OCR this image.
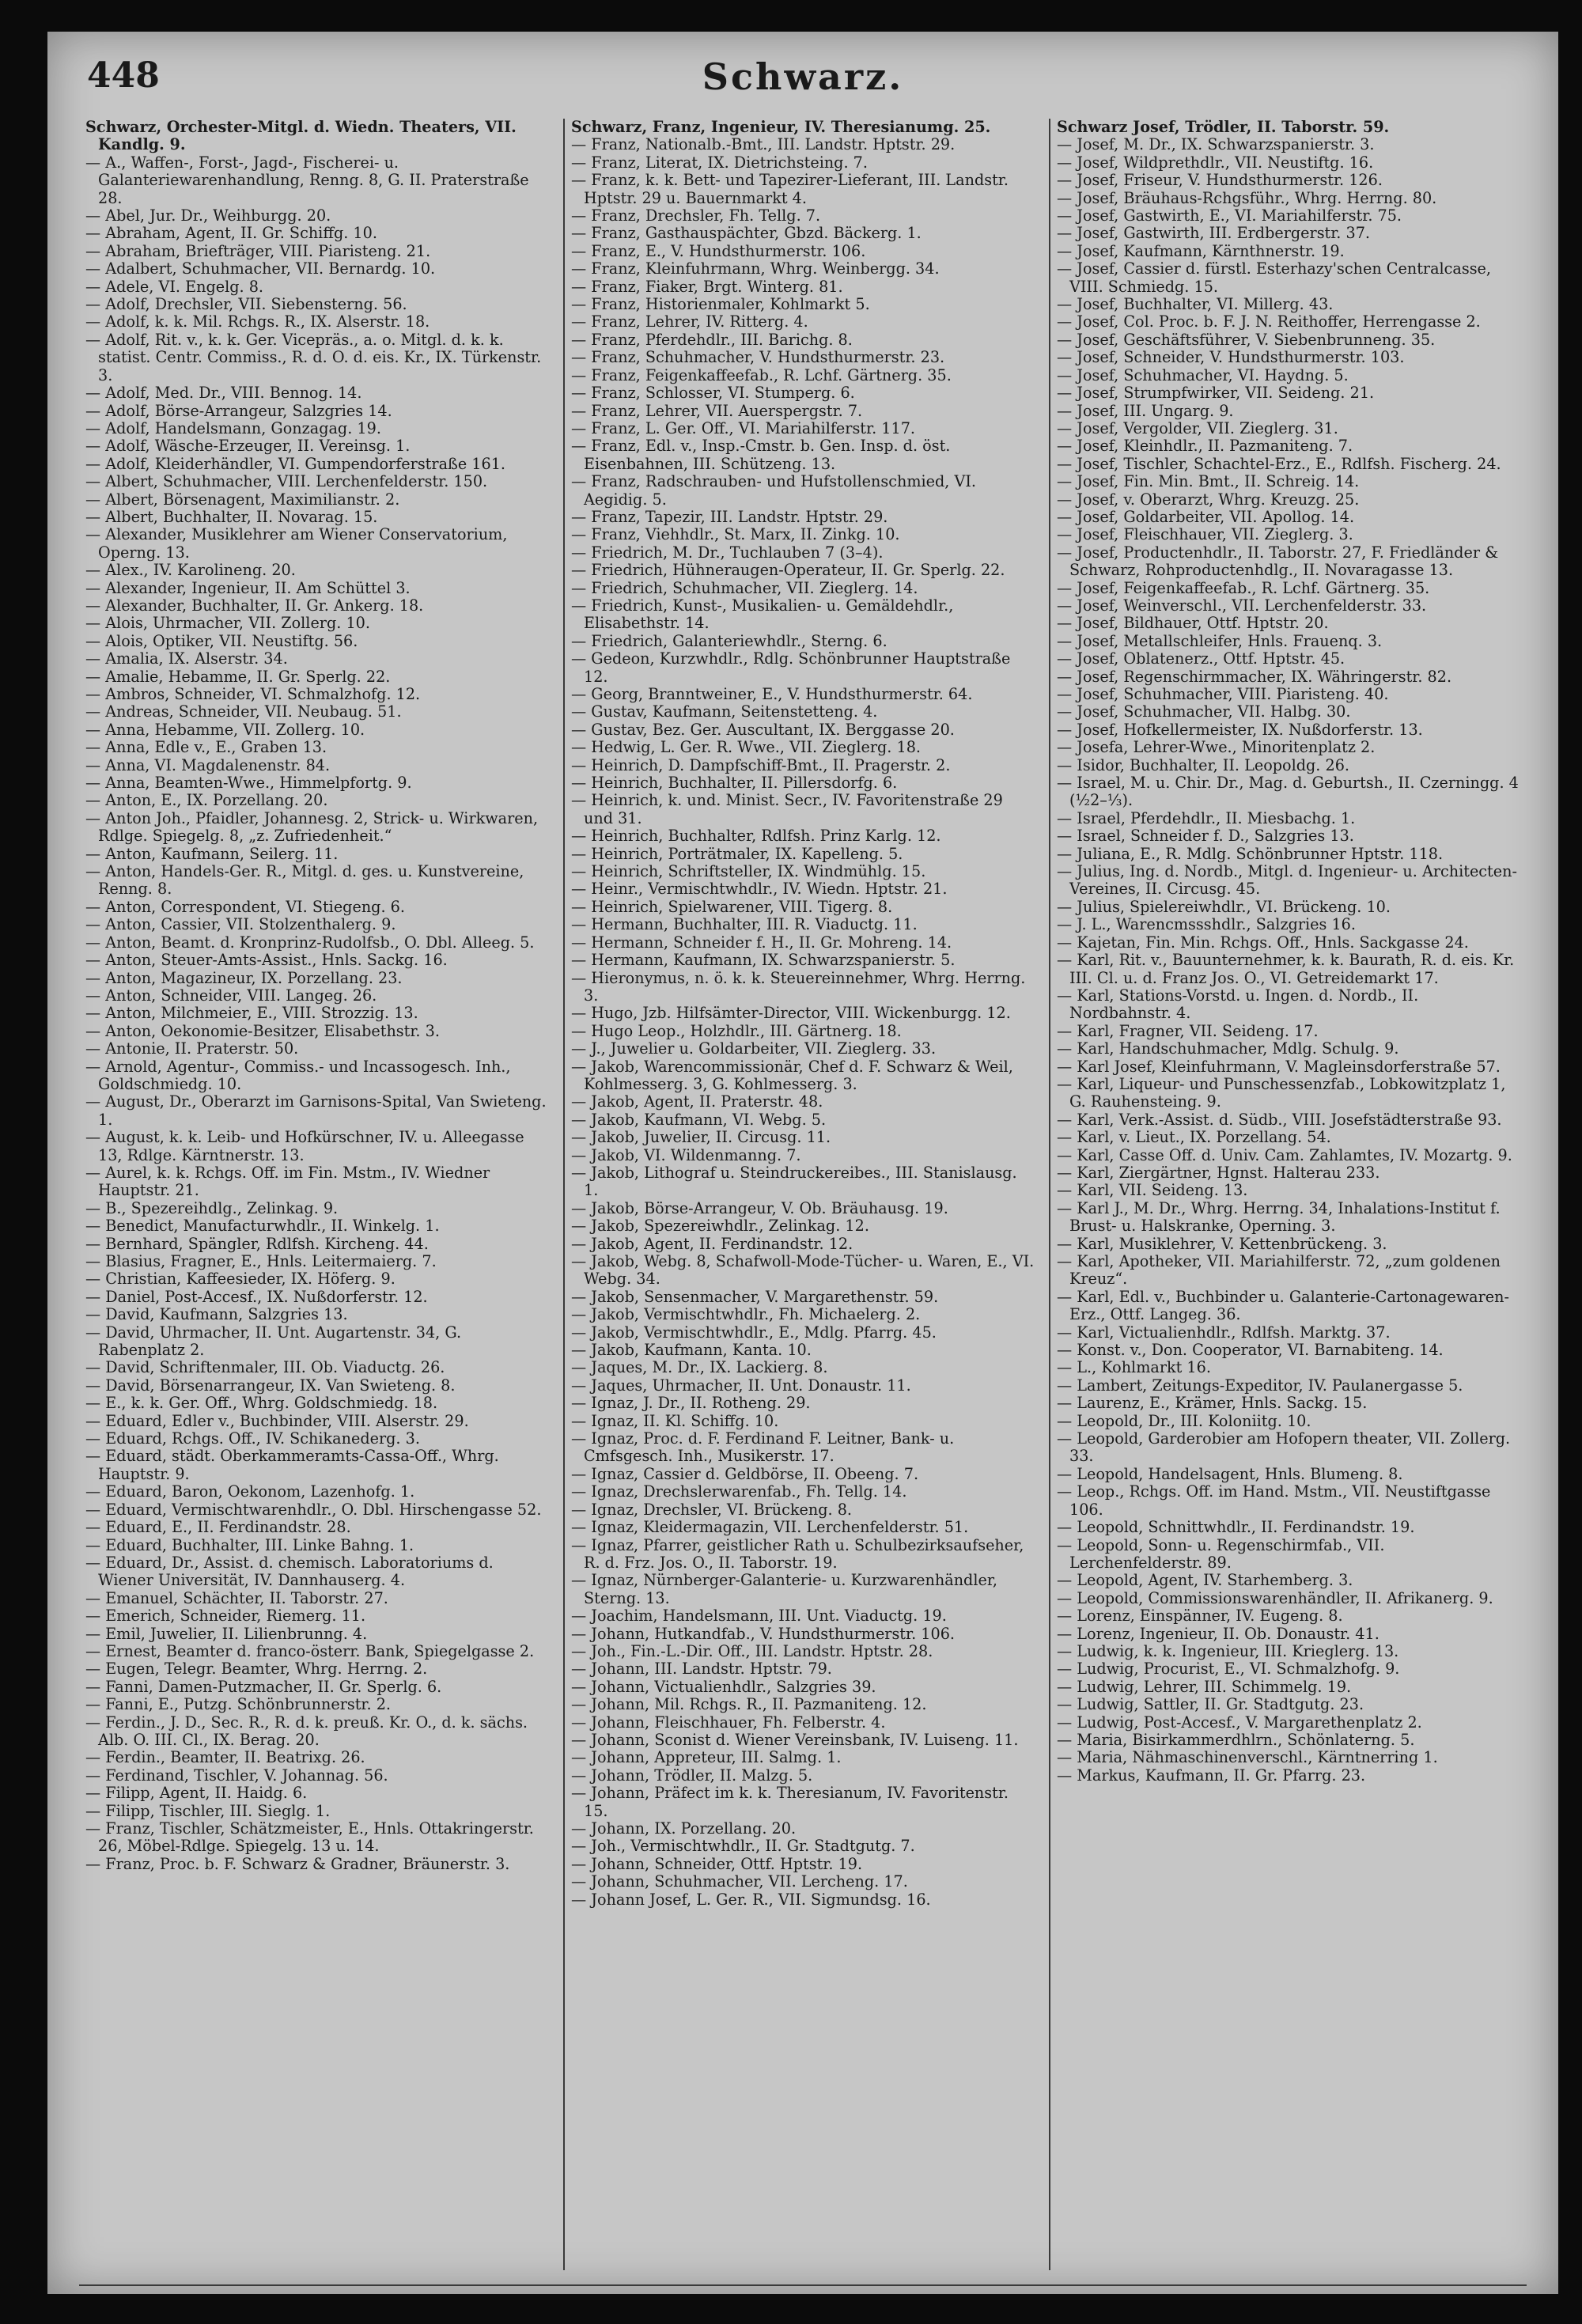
448	Schwarz.

Schwarz, Orchester-Mitgl. d. Wiedn. Theaters, VII. Kandlg. 9.

— A., Waffen-, Forst-, Jagd-, Fischerei- u. Galanteriewarenhandlung, Renng. 8, G. II. Praterstraße 28.

— Abel, Jur. Dr., Weihburgg. 20.

— Abraham, Agent, II. Gr. Schiffg. 10.

— Abraham, Briefträger, VIII. Piaristeng. 21.

— Adalbert, Schuhmacher, VII. Bernardg. 10.

— Adele, VI. Engelg. 8.

— Adolf, Drechsler, VII. Siebensterng. 56.

— Adolf, k. k. Mil. Rchgs. R., IX. Alserstr. 18.

— Adolf, Rit. v., k. k. Ger. Vicepräs., a. o. Mitgl. d. k. k. statist. Centr. Commiss., R. d. O. d. eis. Kr., IX. Türkenstr. 3.

— Adolf, Med. Dr., VIII. Bennog. 14.

— Adolf, Börse-Arrangeur, Salzgries 14.

— Adolf, Handelsmann, Gonzagag. 19.

— Adolf, Wäsche-Erzeuger, II. Vereinsg. 1.

— Adolf, Kleiderhändler, VI. Gumpendorferstraße 161.

— Albert, Schuhmacher, VIII. Lerchenfelderstr. 150.

— Albert, Börsenagent, Maximilianstr. 2.

— Albert, Buchhalter, II. Novarag. 15.

— Alexander, Musiklehrer am Wiener Conservatorium, Operng. 13.

— Alex., IV. Karolineng. 20.

— Alexander, Ingenieur, II. Am Schüttel 3.

— Alexander, Buchhalter, II. Gr. Ankerg. 18.

— Alois, Uhrmacher, VII. Zollerg. 10.

— Alois, Optiker, VII. Neustiftg. 56.

— Amalia, IX. Alserstr. 34.

— Amalie, Hebamme, II. Gr. Sperlg. 22.

— Ambros, Schneider, VI. Schmalzhofg. 12.

— Andreas, Schneider, VII. Neubaug. 51.

— Anna, Hebamme, VII. Zollerg. 10.

— Anna, Edle v., E., Graben 13.

— Anna, VI. Magdalenenstr. 84.

— Anna, Beamten-Wwe., Himmelpfortg. 9.

— Anton, E., IX. Porzellang. 20.

— Anton Joh., Pfaidler, Johannesg. 2, Strick- u. Wirkwaren, Rdlge. Spiegelg. 8, „z. Zufriedenheit.“

— Anton, Kaufmann, Seilerg. 11.

— Anton, Handels-Ger. R., Mitgl. d. ges. u. Kunstvereine, Renng. 8.

— Anton, Correspondent, VI. Stiegeng. 6.

— Anton, Cassier, VII. Stolzenthalerg. 9.

— Anton, Beamt. d. Kronprinz-Rudolfsb., O. Dbl. Alleeg. 5.

— Anton, Steuer-Amts-Assist., Hnls. Sackg. 16.

— Anton, Magazineur, IX. Porzellang. 23.

— Anton, Schneider, VIII. Langeg. 26.

— Anton, Milchmeier, E., VIII. Strozzig. 13.

— Anton, Oekonomie-Besitzer, Elisabethstr. 3.

— Antonie, II. Praterstr. 50.

— Arnold, Agentur-, Commiss.- und Incassogesch. Inh., Goldschmiedg. 10.

— August, Dr., Oberarzt im Garnisons-Spital, Van Swieteng. 1.

— August, k. k. Leib- und Hofkürschner, IV. u. Alleegasse 13, Rdlge. Kärntnerstr. 13.

— Aurel, k. k. Rchgs. Off. im Fin. Mstm., IV. Wiedner Hauptstr. 21.

— B., Spezereihdlg., Zelinkag. 9.

— Benedict, Manufacturwhdlr., II. Winkelg. 1.

— Bernhard, Spängler, Rdlfsh. Kircheng. 44.

— Blasius, Fragner, E., Hnls. Leitermaierg. 7.

— Christian, Kaffeesieder, IX. Höferg. 9.

— Daniel, Post-Accesf., IX. Nußdorferstr. 12.

— David, Kaufmann, Salzgries 13.

— David, Uhrmacher, II. Unt. Augartenstr. 34, G. Rabenplatz 2.

— David, Schriftenmaler, III. Ob. Viaductg. 26.

— David, Börsenarrangeur, IX. Van Swieteng. 8.

— E., k. k. Ger. Off., Whrg. Goldschmiedg. 18.

— Eduard, Edler v., Buchbinder, VIII. Alserstr. 29.

— Eduard, Rchgs. Off., IV. Schikanederg. 3.

— Eduard, städt. Oberkammeramts-Cassa-Off., Whrg. Hauptstr. 9.

— Eduard, Baron, Oekonom, Lazenhofg. 1.

— Eduard, Vermischtwarenhdlr., O. Dbl. Hirschengasse 52.

— Eduard, E., II. Ferdinandstr. 28.

— Eduard, Buchhalter, III. Linke Bahng. 1.

— Eduard, Dr., Assist. d. chemisch. Laboratoriums d. Wiener Universität, IV. Dannhauserg. 4.

— Emanuel, Schächter, II. Taborstr. 27.

— Emerich, Schneider, Riemerg. 11.

— Emil, Juwelier, II. Lilienbrunng. 4.

— Ernest, Beamter d. franco-österr. Bank, Spiegelgasse 2.

— Eugen, Telegr. Beamter, Whrg. Herrng. 2.

— Fanni, Damen-Putzmacher, II. Gr. Sperlg. 6.

— Fanni, E., Putzg. Schönbrunnerstr. 2.

— Ferdin., J. D., Sec. R., R. d. k. preuß. Kr. O., d. k. sächs. Alb. O. III. Cl., IX. Berag. 20.

— Ferdin., Beamter, II. Beatrixg. 26.

— Ferdinand, Tischler, V. Johannag. 56.

— Filipp, Agent, II. Haidg. 6.

— Filipp, Tischler, III. Sieglg. 1.

— Franz, Tischler, Schätzmeister, E., Hnls. Ottakringerstr. 26, Möbel-Rdlge. Spiegelg. 13 u. 14.

— Franz, Proc. b. F. Schwarz & Gradner, Bräunerstr. 3.

Schwarz, Franz, Ingenieur, IV. Theresianumg. 25.

— Franz, Nationalb.-Bmt., III. Landstr. Hptstr. 29.

— Franz, Literat, IX. Dietrichsteing. 7.

— Franz, k. k. Bett- und Tapezirer-Lieferant, III. Landstr. Hptstr. 29 u. Bauernmarkt 4.

— Franz, Drechsler, Fh. Tellg. 7.

— Franz, Gasthauspächter, Gbzd. Bäckerg. 1.

— Franz, E., V. Hundsthurmerstr. 106.

— Franz, Kleinfuhrmann, Whrg. Weinbergg. 34.

— Franz, Fiaker, Brgt. Winterg. 81.

— Franz, Historienmaler, Kohlmarkt 5.

— Franz, Lehrer, IV. Ritterg. 4.

— Franz, Pferdehdlr., III. Barichg. 8.

— Franz, Schuhmacher, V. Hundsthurmerstr. 23.

— Franz, Feigenkaffeefab., R. Lchf. Gärtnerg. 35.

— Franz, Schlosser, VI. Stumperg. 6.

— Franz, Lehrer, VII. Auerspergstr. 7.

— Franz, L. Ger. Off., VI. Mariahilferstr. 117.

— Franz, Edl. v., Insp.-Cmstr. b. Gen. Insp. d. öst. Eisenbahnen, III. Schützeng. 13.

— Franz, Radschrauben- und Hufstollenschmied, VI. Aegidig. 5.

— Franz, Tapezir, III. Landstr. Hptstr. 29.

— Franz, Viehhdlr., St. Marx, II. Zinkg. 10.

— Friedrich, M. Dr., Tuchlauben 7 (3–4).

— Friedrich, Hühneraugen-Operateur, II. Gr. Sperlg. 22.

— Friedrich, Schuhmacher, VII. Zieglerg. 14.

— Friedrich, Kunst-, Musikalien- u. Gemäldehdlr., Elisabethstr. 14.

— Friedrich, Galanteriewhdlr., Sterng. 6.

— Gedeon, Kurzwhdlr., Rdlg. Schönbrunner Hauptstraße 12.

— Georg, Branntweiner, E., V. Hundsthurmerstr. 64.

— Gustav, Kaufmann, Seitenstetteng. 4.

— Gustav, Bez. Ger. Auscultant, IX. Berggasse 20.

— Hedwig, L. Ger. R. Wwe., VII. Zieglerg. 18.

— Heinrich, D. Dampfschiff-Bmt., II. Pragerstr. 2.

— Heinrich, Buchhalter, II. Pillersdorfg. 6.

— Heinrich, k. und. Minist. Secr., IV. Favoritenstraße 29 und 31.

— Heinrich, Buchhalter, Rdlfsh. Prinz Karlg. 12.

— Heinrich, Porträtmaler, IX. Kapelleng. 5.

— Heinrich, Schriftsteller, IX. Windmühlg. 15.

— Heinr., Vermischtwhdlr., IV. Wiedn. Hptstr. 21.

— Heinrich, Spielwarener, VIII. Tigerg. 8.

— Hermann, Buchhalter, III. R. Viaductg. 11.

— Hermann, Schneider f. H., II. Gr. Mohreng. 14.

— Hermann, Kaufmann, IX. Schwarzspanierstr. 5.

— Hieronymus, n. ö. k. k. Steuereinnehmer, Whrg. Herrng. 3.

— Hugo, Jzb. Hilfsämter-Director, VIII. Wickenburgg. 12.

— Hugo Leop., Holzhdlr., III. Gärtnerg. 18.

— J., Juwelier u. Goldarbeiter, VII. Zieglerg. 33.

— Jakob, Warencommissionär, Chef d. F. Schwarz & Weil, Kohlmesserg. 3, G. Kohlmesserg. 3.

— Jakob, Agent, II. Praterstr. 48.

— Jakob, Kaufmann, VI. Webg. 5.

— Jakob, Juwelier, II. Circusg. 11.

— Jakob, VI. Wildenmanng. 7.

— Jakob, Lithograf u. Steindruckereibes., III. Stanislausg. 1.

— Jakob, Börse-Arrangeur, V. Ob. Bräuhausg. 19.

— Jakob, Spezereiwhdlr., Zelinkag. 12.

— Jakob, Agent, II. Ferdinandstr. 12.

— Jakob, Webg. 8, Schafwoll-Mode-Tücher- u. Waren, E., VI. Webg. 34.

— Jakob, Sensenmacher, V. Margarethenstr. 59.

— Jakob, Vermischtwhdlr., Fh. Michaelerg. 2.

— Jakob, Vermischtwhdlr., E., Mdlg. Pfarrg. 45.

— Jakob, Kaufmann, Kanta. 10.

— Jaques, M. Dr., IX. Lackierg. 8.

— Jaques, Uhrmacher, II. Unt. Donaustr. 11.

— Ignaz, J. Dr., II. Rotheng. 29.

— Ignaz, II. Kl. Schiffg. 10.

— Ignaz, Proc. d. F. Ferdinand F. Leitner, Bank- u. Cmfsgesch. Inh., Musikerstr. 17.

— Ignaz, Cassier d. Geldbörse, II. Obeeng. 7.

— Ignaz, Drechslerwarenfab., Fh. Tellg. 14.

— Ignaz, Drechsler, VI. Brückeng. 8.

— Ignaz, Kleidermagazin, VII. Lerchenfelderstr. 51.

— Ignaz, Pfarrer, geistlicher Rath u. Schulbezirksaufseher, R. d. Frz. Jos. O., II. Taborstr. 19.

— Ignaz, Nürnberger-Galanterie- u. Kurzwarenhändler, Sterng. 13.

— Joachim, Handelsmann, III. Unt. Viaductg. 19.

— Johann, Hutkandfab., V. Hundsthurmerstr. 106.

— Joh., Fin.-L.-Dir. Off., III. Landstr. Hptstr. 28.

— Johann, III. Landstr. Hptstr. 79.

— Johann, Victualienhdlr., Salzgries 39.

— Johann, Mil. Rchgs. R., II. Pazmaniteng. 12.

— Johann, Fleischhauer, Fh. Felberstr. 4.

— Johann, Sconist d. Wiener Vereinsbank, IV. Luiseng. 11.

— Johann, Appreteur, III. Salmg. 1.

— Johann, Trödler, II. Malzg. 5.

— Johann, Präfect im k. k. Theresianum, IV. Favoritenstr. 15.

— Johann, IX. Porzellang. 20.

— Joh., Vermischtwhdlr., II. Gr. Stadtgutg. 7.

— Johann, Schneider, Ottf. Hptstr. 19.

— Johann, Schuhmacher, VII. Lercheng. 17.

— Johann Josef, L. Ger. R., VII. Sigmundsg. 16.

Schwarz Josef, Trödler, II. Taborstr. 59.

— Josef, M. Dr., IX. Schwarzspanierstr. 3.

— Josef, Wildprethdlr., VII. Neustiftg. 16.

— Josef, Friseur, V. Hundsthurmerstr. 126.

— Josef, Bräuhaus-Rchgsführ., Whrg. Herrng. 80.

— Josef, Gastwirth, E., VI. Mariahilferstr. 75.

— Josef, Gastwirth, III. Erdbergerstr. 37.

— Josef, Kaufmann, Kärnthnerstr. 19.

— Josef, Cassier d. fürstl. Esterhazy'schen Centralcasse, VIII. Schmiedg. 15.

— Josef, Buchhalter, VI. Millerg. 43.

— Josef, Col. Proc. b. F. J. N. Reithoffer, Herrengasse 2.

— Josef, Geschäftsführer, V. Siebenbrunneng. 35.

— Josef, Schneider, V. Hundsthurmerstr. 103.

— Josef, Schuhmacher, VI. Haydng. 5.

— Josef, Strumpfwirker, VII. Seideng. 21.

— Josef, III. Ungarg. 9.

— Josef, Vergolder, VII. Zieglerg. 31.

— Josef, Kleinhdlr., II. Pazmaniteng. 7.

— Josef, Tischler, Schachtel-Erz., E., Rdlfsh. Fischerg. 24.

— Josef, Fin. Min. Bmt., II. Schreig. 14.

— Josef, v. Oberarzt, Whrg. Kreuzg. 25.

— Josef, Goldarbeiter, VII. Apollog. 14.

— Josef, Fleischhauer, VII. Zieglerg. 3.

— Josef, Productenhdlr., II. Taborstr. 27, F. Friedländer & Schwarz, Rohproductenhdlg., II. Novaragasse 13.

— Josef, Feigenkaffeefab., R. Lchf. Gärtnerg. 35.

— Josef, Weinverschl., VII. Lerchenfelderstr. 33.

— Josef, Bildhauer, Ottf. Hptstr. 20.

— Josef, Metallschleifer, Hnls. Frauenq. 3.

— Josef, Oblatenerz., Ottf. Hptstr. 45.

— Josef, Regenschirmmacher, IX. Währingerstr. 82.

— Josef, Schuhmacher, VIII. Piaristeng. 40.

— Josef, Schuhmacher, VII. Halbg. 30.

— Josef, Hofkellermeister, IX. Nußdorferstr. 13.

— Josefa, Lehrer-Wwe., Minoritenplatz 2.

— Isidor, Buchhalter, II. Leopoldg. 26.

— Israel, M. u. Chir. Dr., Mag. d. Geburtsh., II. Czerningg. 4 (½2–⅓).

— Israel, Pferdehdlr., II. Miesbachg. 1.

— Israel, Schneider f. D., Salzgries 13.

— Juliana, E., R. Mdlg. Schönbrunner Hptstr. 118.

— Julius, Ing. d. Nordb., Mitgl. d. Ingenieur- u. Architecten-Vereines, II. Circusg. 45.

— Julius, Spielereiwhdlr., VI. Brückeng. 10.

— J. L., Warencmssshdlr., Salzgries 16.

— Kajetan, Fin. Min. Rchgs. Off., Hnls. Sackgasse 24.

— Karl, Rit. v., Bauunternehmer, k. k. Baurath, R. d. eis. Kr. III. Cl. u. d. Franz Jos. O., VI. Getreidemarkt 17.

— Karl, Stations-Vorstd. u. Ingen. d. Nordb., II. Nordbahnstr. 4.

— Karl, Fragner, VII. Seideng. 17.

— Karl, Handschuhmacher, Mdlg. Schulg. 9.

— Karl Josef, Kleinfuhrmann, V. Magleinsdorferstraße 57.

— Karl, Liqueur- und Punschessenzfab., Lobkowitzplatz 1, G. Rauhensteing. 9.

— Karl, Verk.-Assist. d. Südb., VIII. Josefstädterstraße 93.

— Karl, v. Lieut., IX. Porzellang. 54.

— Karl, Casse Off. d. Univ. Cam. Zahlamtes, IV. Mozartg. 9.

— Karl, Ziergärtner, Hgnst. Halterau 233.

— Karl, VII. Seideng. 13.

— Karl J., M. Dr., Whrg. Herrng. 34, Inhalations-Institut f. Brust- u. Halskranke, Operning. 3.

— Karl, Musiklehrer, V. Kettenbrückeng. 3.

— Karl, Apotheker, VII. Mariahilferstr. 72, „zum goldenen Kreuz“.

— Karl, Edl. v., Buchbinder u. Galanterie-Cartonagewaren-Erz., Ottf. Langeg. 36.

— Karl, Victualienhdlr., Rdlfsh. Marktg. 37.

— Konst. v., Don. Cooperator, VI. Barnabiteng. 14.

— L., Kohlmarkt 16.

— Lambert, Zeitungs-Expeditor, IV. Paulanergasse 5.

— Laurenz, E., Krämer, Hnls. Sackg. 15.

— Leopold, Dr., III. Koloniitg. 10.

— Leopold, Garderobier am Hofopern theater, VII. Zollerg. 33.

— Leopold, Handelsagent, Hnls. Blumeng. 8.

— Leop., Rchgs. Off. im Hand. Mstm., VII. Neustiftgasse 106.

— Leopold, Schnittwhdlr., II. Ferdinandstr. 19.

— Leopold, Sonn- u. Regenschirmfab., VII. Lerchenfelderstr. 89.

— Leopold, Agent, IV. Starhemberg. 3.

— Leopold, Commissionswarenhändler, II. Afrikanerg. 9.

— Lorenz, Einspänner, IV. Eugeng. 8.

— Lorenz, Ingenieur, II. Ob. Donaustr. 41.

— Ludwig, k. k. Ingenieur, III. Krieglerg. 13.

— Ludwig, Procurist, E., VI. Schmalzhofg. 9.

— Ludwig, Lehrer, III. Schimmelg. 19.

— Ludwig, Sattler, II. Gr. Stadtgutg. 23.

— Ludwig, Post-Accesf., V. Margarethenplatz 2.

— Maria, Bisirkammerdhlrn., Schönlaterng. 5.

— Maria, Nähmaschinenverschl., Kärntnerring 1.

— Markus, Kaufmann, II. Gr. Pfarrg. 23.
